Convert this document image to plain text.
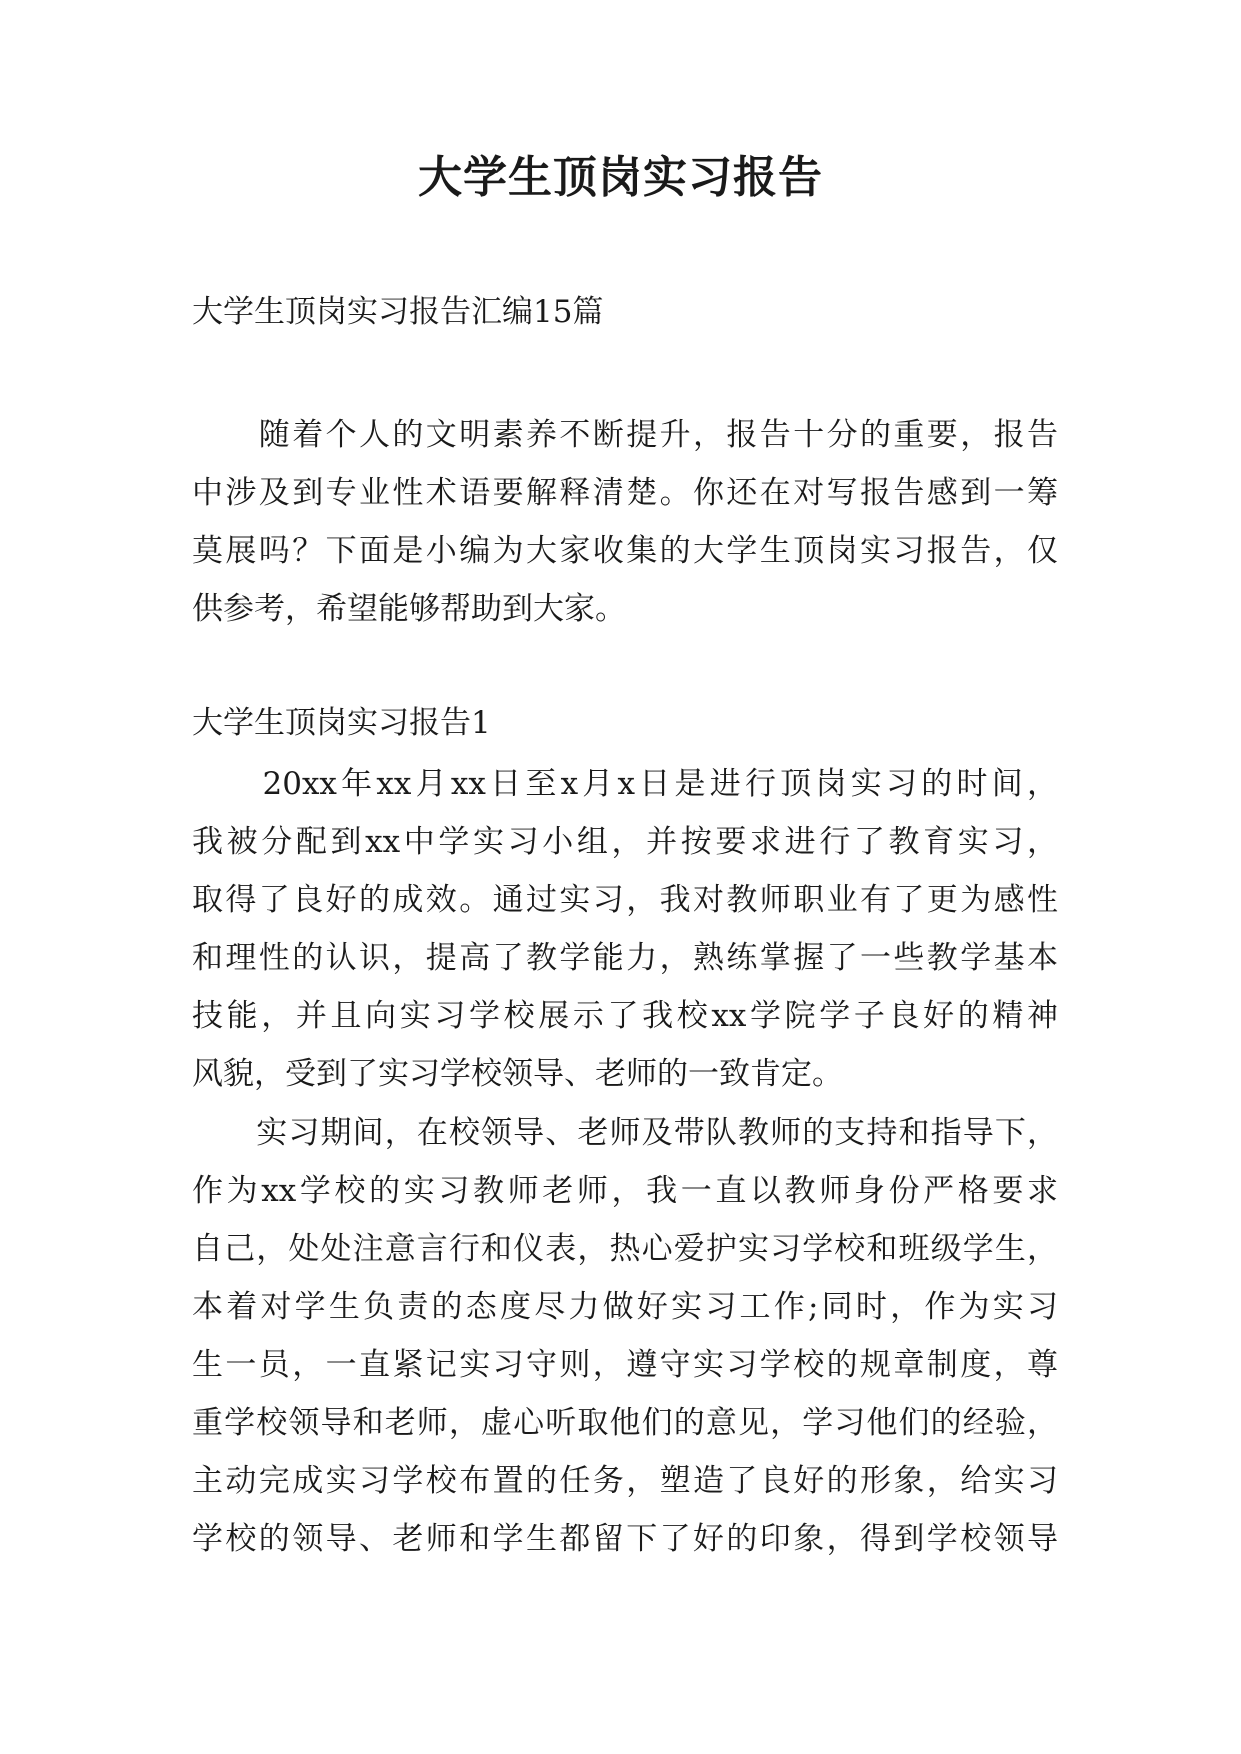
大学生顶岗实习报告

大学生顶岗实习报告汇编15篇

　　随着个人的文明素养不断提升，报告十分的重要，报告
中涉及到专业性术语要解释清楚。你还在对写报告感到一筹
莫展吗？下面是小编为大家收集的大学生顶岗实习报告，仅
供参考，希望能够帮助到大家。

大学生顶岗实习报告1

　　20xx年xx月xx日至x月x日是进行顶岗实习的时间，
我被分配到xx中学实习小组，并按要求进行了教育实习，
取得了良好的成效。通过实习，我对教师职业有了更为感性
和理性的认识，提高了教学能力，熟练掌握了一些教学基本
技能，并且向实习学校展示了我校xx学院学子良好的精神
风貌，受到了实习学校领导、老师的一致肯定。
　　实习期间，在校领导、老师及带队教师的支持和指导下，
作为xx学校的实习教师老师，我一直以教师身份严格要求
自己，处处注意言行和仪表，热心爱护实习学校和班级学生，
本着对学生负责的态度尽力做好实习工作;同时，作为实习
生一员，一直紧记实习守则，遵守实习学校的规章制度，尊
重学校领导和老师，虚心听取他们的意见，学习他们的经验，
主动完成实习学校布置的任务，塑造了良好的形象，给实习
学校的领导、老师和学生都留下了好的印象，得到学校领导
